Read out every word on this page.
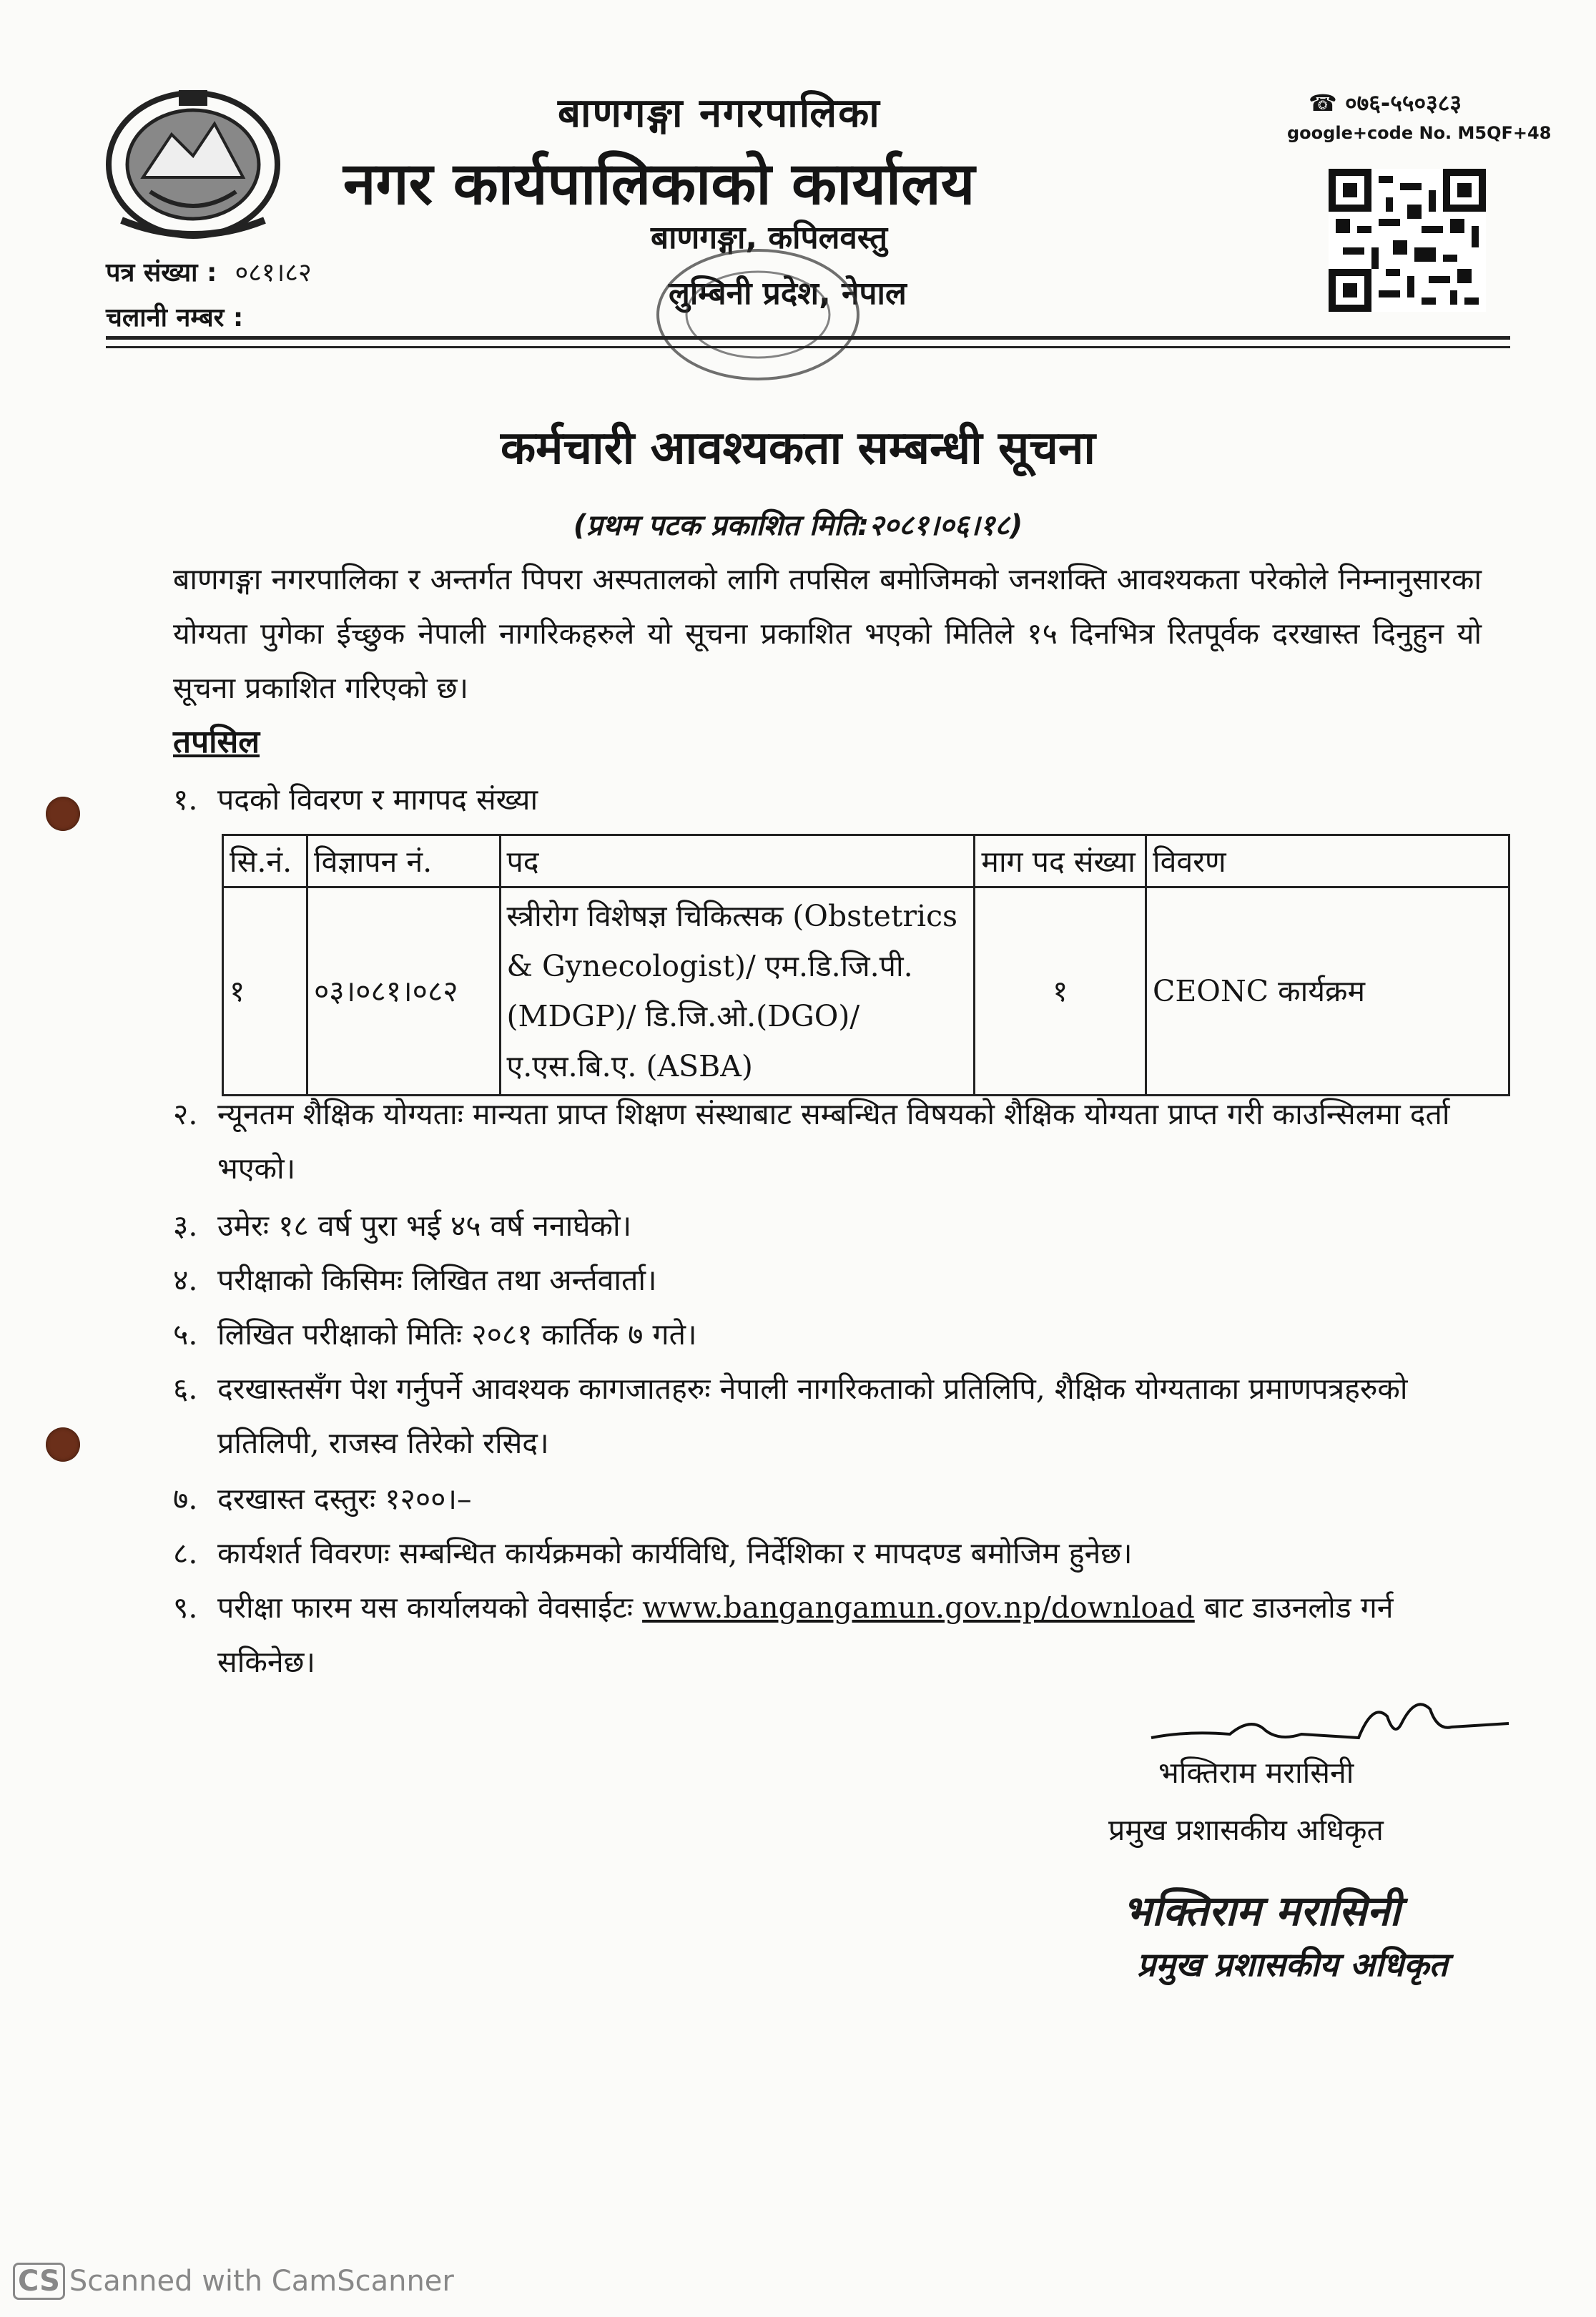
बाणगङ्गा नगरपालिका
नगर कार्यपालिकाको कार्यालय
बाणगङ्गा, कपिलवस्तु
लुम्बिनी प्रदेश, नेपाल
☎ ०७६-५५०३८३
google+code No. M5QF+48
पत्र संख्या : ०८१।८२
चलानी नम्बर :
कर्मचारी आवश्यकता सम्बन्धी सूचना
(प्रथम पटक प्रकाशित मिति:२०८१।०६।१८)
बाणगङ्गा नगरपालिका र अन्तर्गत पिपरा अस्पतालको लागि तपसिल बमोजिमको जनशक्ति आवश्यकता परेकोले निम्नानुसारका योग्यता पुगेका ईच्छुक नेपाली नागरिकहरुले यो सूचना प्रकाशित भएको मितिले १५ दिनभित्र रितपूर्वक दरखास्त दिनुहुन यो सूचना प्रकाशित गरिएको छ।
तपसिल
१. पदको विवरण र मागपद संख्या
सि.नं.	विज्ञापन नं.	पद	माग पद संख्या	विवरण
१	०३।०८१।०८२	स्त्रीरोग विशेषज्ञ चिकित्सक (Obstetrics & Gynecologist)/ एम.डि.जि.पी. (MDGP)/ डि.जि.ओ.(DGO)/ ए.एस.बि.ए. (ASBA)	१	CEONC कार्यक्रम
२. न्यूनतम शैक्षिक योग्यताः मान्यता प्राप्त शिक्षण संस्थाबाट सम्बन्धित विषयको शैक्षिक योग्यता प्राप्त गरी काउन्सिलमा दर्ता भएको।
३. उमेरः १८ वर्ष पुरा भई ४५ वर्ष ननाघेको।
४. परीक्षाको किसिमः लिखित तथा अर्न्तवार्ता।
५. लिखित परीक्षाको मितिः २०८१ कार्तिक ७ गते।
६. दरखास्तसँग पेश गर्नुपर्ने आवश्यक कागजातहरुः नेपाली नागरिकताको प्रतिलिपि, शैक्षिक योग्यताका प्रमाणपत्रहरुको प्रतिलिपी, राजस्व तिरेको रसिद।
७. दरखास्त दस्तुरः १२००।–
८. कार्यशर्त विवरणः सम्बन्धित कार्यक्रमको कार्यविधि, निर्देशिका र मापदण्ड बमोजिम हुनेछ।
९. परीक्षा फारम यस कार्यालयको वेवसाईटः www.bangangamun.gov.np/download बाट डाउनलोड गर्न सकिनेछ।
भक्तिराम मरासिनी
प्रमुख प्रशासकीय अधिकृत
भक्तिराम मरासिनी
प्रमुख प्रशासकीय अधिकृत
CS Scanned with CamScanner
